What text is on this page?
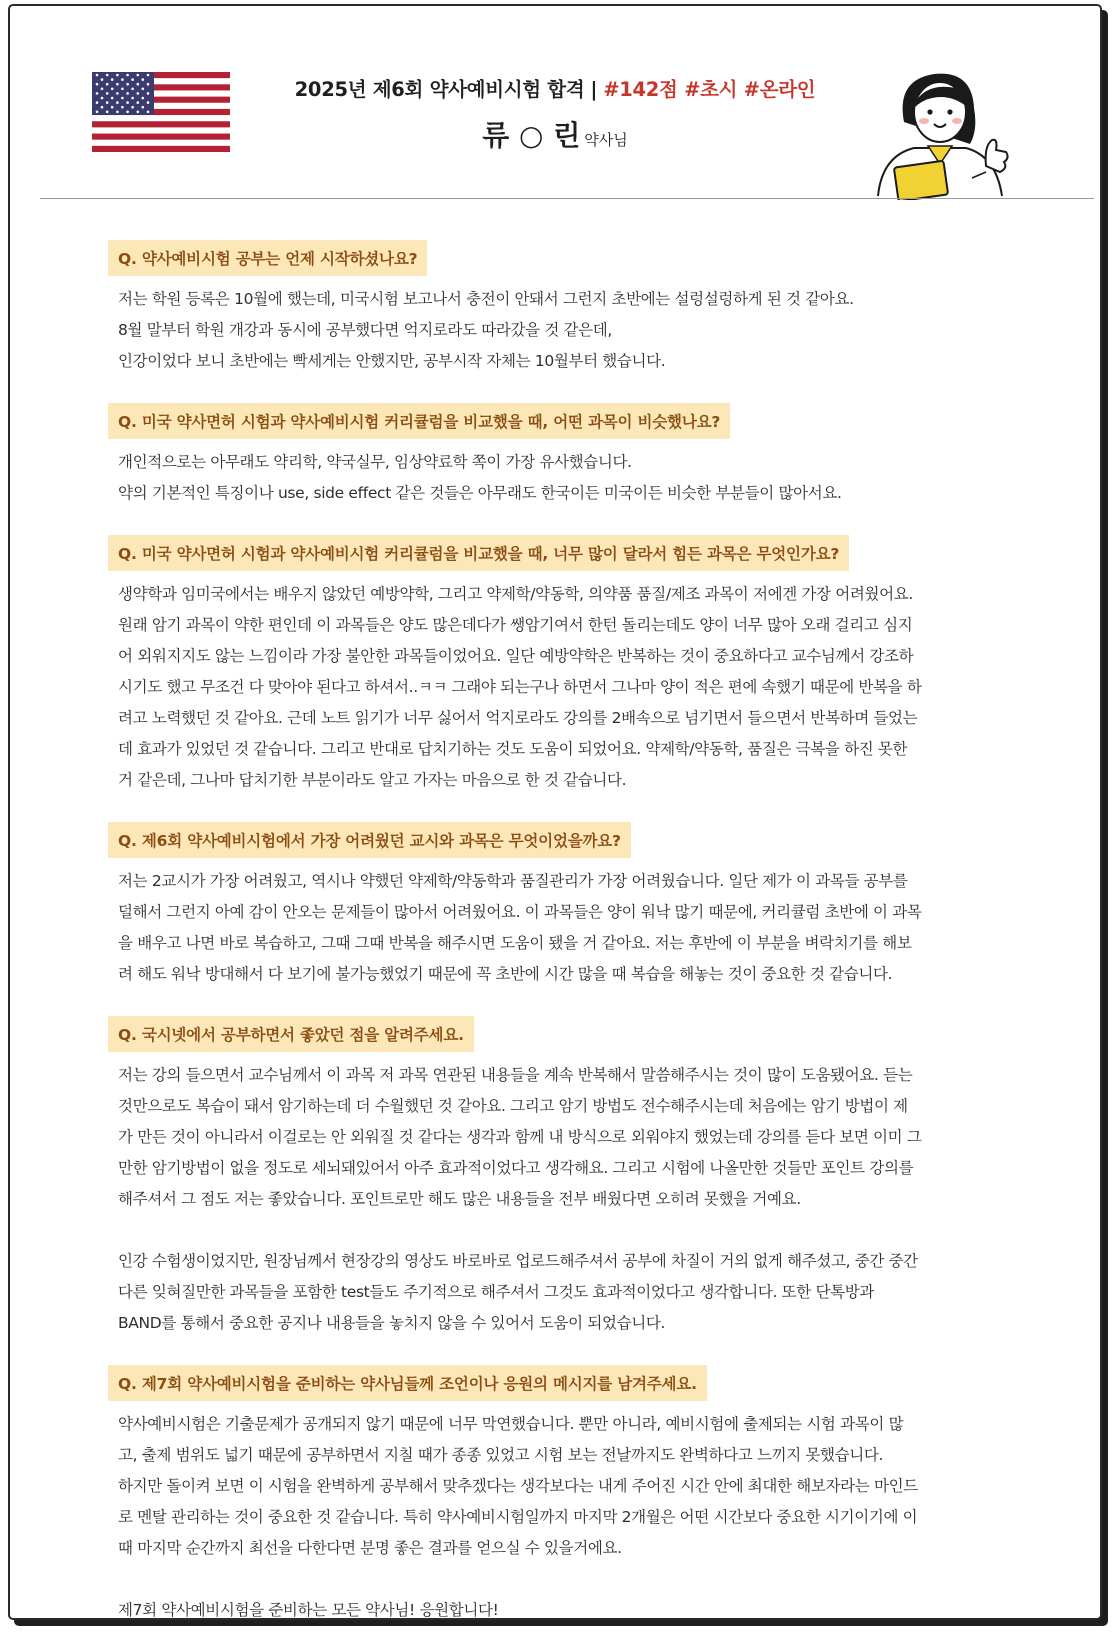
2025년 제6회 약사예비시험 합격 | #142점 #초시 #온라인
류 ○ 린 약사님
Q. 약사예비시험 공부는 언제 시작하셨나요?

저는 학원 등록은 10월에 했는데, 미국시험 보고나서 충전이 안돼서 그런지 초반에는 설렁설렁하게 된 것 같아요.

8월 말부터 학원 개강과 동시에 공부했다면 억지로라도 따라갔을 것 같은데,

인강이었다 보니 초반에는 빡세게는 안했지만, 공부시작 자체는 10월부터 했습니다.

Q. 미국 약사면허 시험과 약사예비시험 커리큘럼을 비교했을 때, 어떤 과목이 비슷했나요?

개인적으로는 아무래도 약리학, 약국실무, 임상약료학 쪽이 가장 유사했습니다.

약의 기본적인 특징이나 use, side effect 같은 것들은 아무래도 한국이든 미국이든 비슷한 부분들이 많아서요.

Q. 미국 약사면허 시험과 약사예비시험 커리큘럼을 비교했을 때, 너무 많이 달라서 힘든 과목은 무엇인가요?

생약학과 임미국에서는 배우지 않았던 예방약학, 그리고 약제학/약동학, 의약품 품질/제조 과목이 저에겐 가장 어려웠어요.

원래 암기 과목이 약한 편인데 이 과목들은 양도 많은데다가 쌩암기여서 한턴 돌리는데도 양이 너무 많아 오래 걸리고 심지

어 외워지지도 않는 느낌이라 가장 불안한 과목들이었어요. 일단 예방약학은 반복하는 것이 중요하다고 교수님께서 강조하

시기도 했고 무조건 다 맞아야 된다고 하셔서..ㅋㅋ 그래야 되는구나 하면서 그나마 양이 적은 편에 속했기 때문에 반복을 하

려고 노력했던 것 같아요. 근데 노트 읽기가 너무 싫어서 억지로라도 강의를 2배속으로 넘기면서 들으면서 반복하며 들었는

데 효과가 있었던 것 같습니다. 그리고 반대로 답치기하는 것도 도움이 되었어요. 약제학/약동학, 품질은 극복을 하진 못한

거 같은데, 그나마 답치기한 부분이라도 알고 가자는 마음으로 한 것 같습니다.

Q. 제6회 약사예비시험에서 가장 어려웠던 교시와 과목은 무엇이었을까요?

저는 2교시가 가장 어려웠고, 역시나 약했던 약제학/약동학과 품질관리가 가장 어려웠습니다. 일단 제가 이 과목들 공부를

덜해서 그런지 아예 감이 안오는 문제들이 많아서 어려웠어요. 이 과목들은 양이 워낙 많기 때문에, 커리큘럼 초반에 이 과목

을 배우고 나면 바로 복습하고, 그때 그때 반복을 해주시면 도움이 됐을 거 같아요. 저는 후반에 이 부분을 벼락치기를 해보

려 해도 워낙 방대해서 다 보기에 불가능했었기 때문에 꼭 초반에 시간 많을 때 복습을 해놓는 것이 중요한 것 같습니다.

Q. 국시넷에서 공부하면서 좋았던 점을 알려주세요.

저는 강의 들으면서 교수님께서 이 과목 저 과목 연관된 내용들을 계속 반복해서 말씀해주시는 것이 많이 도움됐어요. 듣는

것만으로도 복습이 돼서 암기하는데 더 수월했던 것 같아요. 그리고 암기 방법도 전수해주시는데 처음에는 암기 방법이 제

가 만든 것이 아니라서 이걸로는 안 외워질 것 같다는 생각과 함께 내 방식으로 외워야지 했었는데 강의를 듣다 보면 이미 그

만한 암기방법이 없을 정도로 세뇌돼있어서 아주 효과적이었다고 생각해요. 그리고 시험에 나올만한 것들만 포인트 강의를

해주셔서 그 점도 저는 좋았습니다. 포인트로만 해도 많은 내용들을 전부 배웠다면 오히려 못했을 거예요.

인강 수험생이었지만, 원장님께서 현장강의 영상도 바로바로 업로드해주셔서 공부에 차질이 거의 없게 해주셨고, 중간 중간

다른 잊혀질만한 과목들을 포함한 test들도 주기적으로 해주셔서 그것도 효과적이었다고 생각합니다. 또한 단톡방과

BAND를 통해서 중요한 공지나 내용들을 놓치지 않을 수 있어서 도움이 되었습니다.

Q. 제7회 약사예비시험을 준비하는 약사님들께 조언이나 응원의 메시지를 남겨주세요.

약사예비시험은 기출문제가 공개되지 않기 때문에 너무 막연했습니다. 뿐만 아니라, 예비시험에 출제되는 시험 과목이 많

고, 출제 범위도 넓기 때문에 공부하면서 지칠 때가 종종 있었고 시험 보는 전날까지도 완벽하다고 느끼지 못했습니다.

하지만 돌이켜 보면 이 시험을 완벽하게 공부해서 맞추겠다는 생각보다는 내게 주어진 시간 안에 최대한 해보자라는 마인드

로 멘탈 관리하는 것이 중요한 것 같습니다. 특히 약사예비시험일까지 마지막 2개월은 어떤 시간보다 중요한 시기이기에 이

때 마지막 순간까지 최선을 다한다면 분명 좋은 결과를 얻으실 수 있을거에요.

제7회 약사예비시험을 준비하는 모든 약사님! 응원합니다!
